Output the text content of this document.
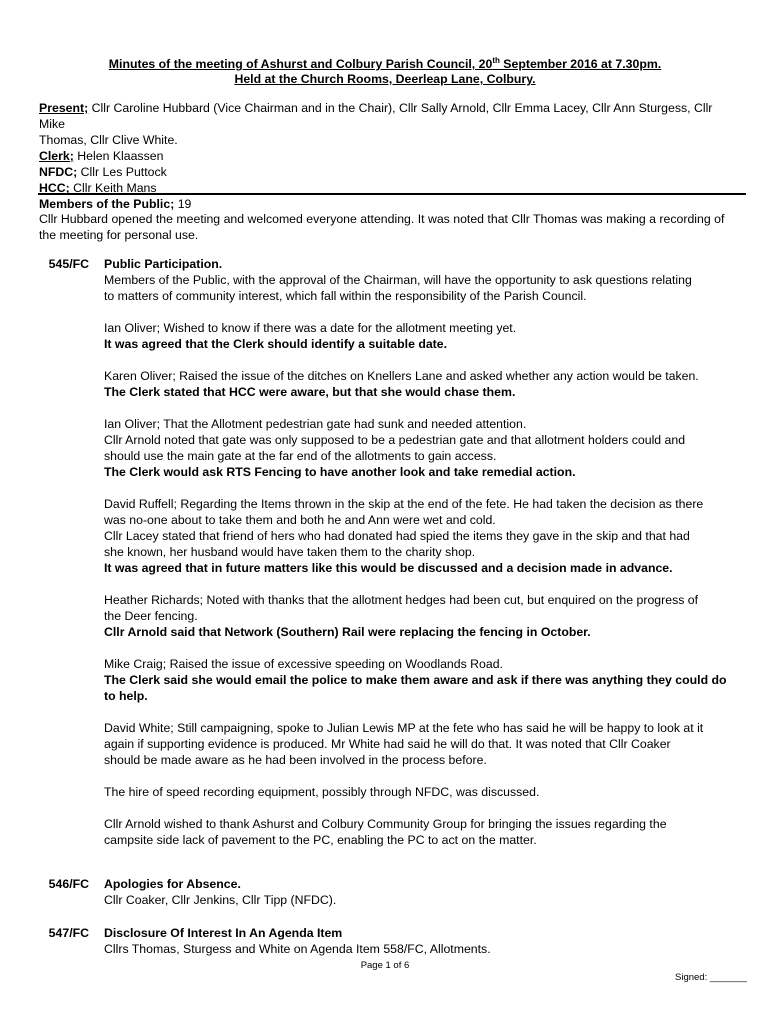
Minutes of the meeting of Ashurst and Colbury Parish Council, 20th September 2016 at 7.30pm.
Held at the Church Rooms, Deerleap Lane, Colbury.
Present; Cllr Caroline Hubbard (Vice Chairman and in the Chair), Cllr Sally Arnold, Cllr Emma Lacey, Cllr Ann Sturgess, Cllr Mike
Thomas, Cllr Clive White.
Clerk; Helen Klaassen
NFDC; Cllr Les Puttock
HCC; Cllr Keith Mans
Members of the Public; 19
Cllr Hubbard opened the meeting and welcomed everyone attending. It was noted that Cllr Thomas was making a recording of
the meeting for personal use.
545/FC Public Participation.

Members of the Public, with the approval of the Chairman, will have the opportunity to ask questions relating
to matters of community interest, which fall within the responsibility of the Parish Council.

Ian Oliver; Wished to know if there was a date for the allotment meeting yet.
It was agreed that the Clerk should identify a suitable date.

Karen Oliver; Raised the issue of the ditches on Knellers Lane and asked whether any action would be taken.
The Clerk stated that HCC were aware, but that she would chase them.

Ian Oliver; That the Allotment pedestrian gate had sunk and needed attention.
Cllr Arnold noted that gate was only supposed to be a pedestrian gate and that allotment holders could and
should use the main gate at the far end of the allotments to gain access.
The Clerk would ask RTS Fencing to have another look and take remedial action.

David Ruffell; Regarding the Items thrown in the skip at the end of the fete. He had taken the decision as there
was no-one about to take them and both he and Ann were wet and cold.
Cllr Lacey stated that friend of hers who had donated had spied the items they gave in the skip and that had
she known, her husband would have taken them to the charity shop.
It was agreed that in future matters like this would be discussed and a decision made in advance.

Heather Richards; Noted with thanks that the allotment hedges had been cut, but enquired on the progress of
the Deer fencing.
Cllr Arnold said that Network (Southern) Rail were replacing the fencing in October.

Mike Craig; Raised the issue of excessive speeding on Woodlands Road.
The Clerk said she would email the police to make them aware and ask if there was anything they could do
to help.

David White; Still campaigning, spoke to Julian Lewis MP at the fete who has said he will be happy to look at it
again if supporting evidence is produced. Mr White had said he will do that. It was noted that Cllr Coaker
should be made aware as he had been involved in the process before.

The hire of speed recording equipment, possibly through NFDC, was discussed.

Cllr Arnold wished to thank Ashurst and Colbury Community Group for bringing the issues regarding the
campsite side lack of pavement to the PC, enabling the PC to act on the matter.

546/FC Apologies for Absence.
Cllr Coaker, Cllr Jenkins, Cllr Tipp (NFDC).
547/FC Disclosure Of Interest In An Agenda Item
Cllrs Thomas, Sturgess and White on Agenda Item 558/FC, Allotments.
Page 1 of 6
Signed: _______
